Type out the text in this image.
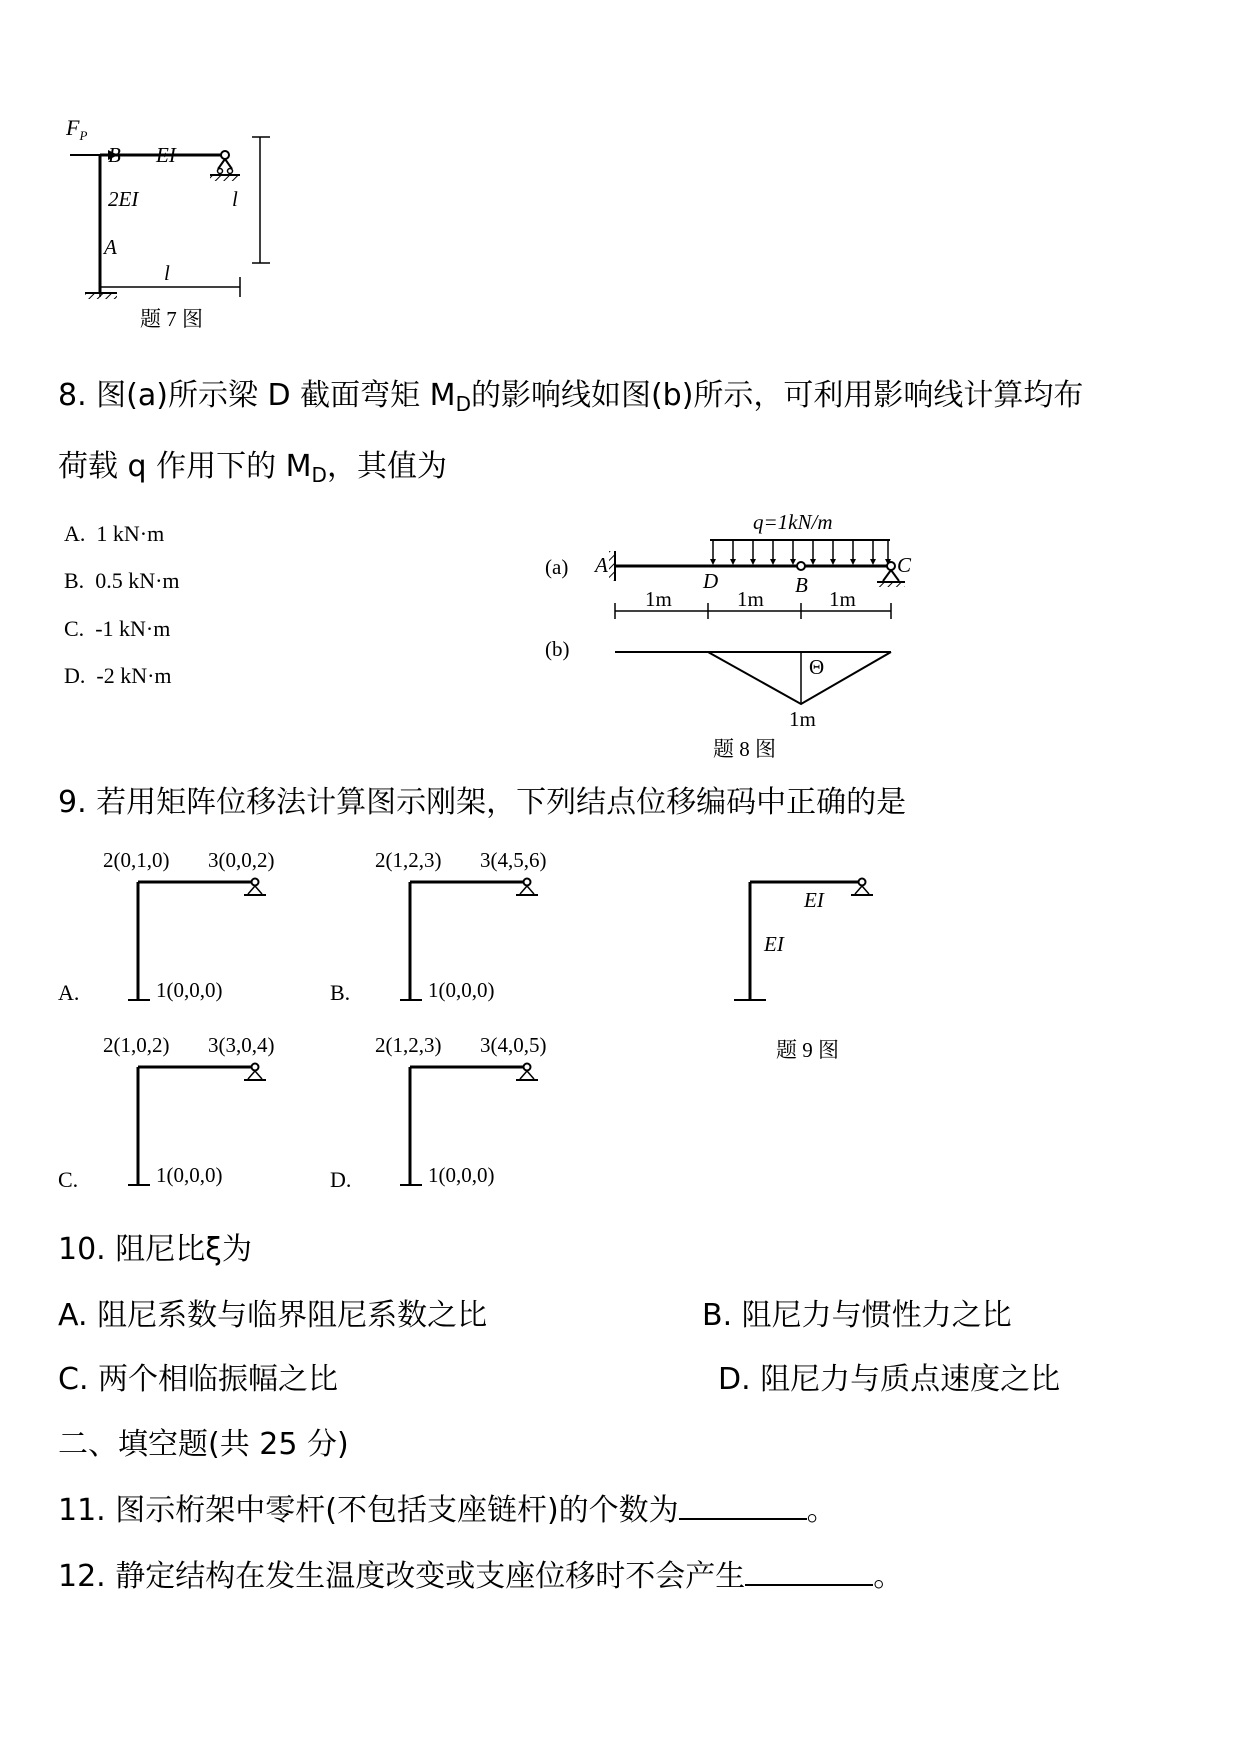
$F_P$
B EI
2EI
A
l
l
题 7 图
8. 图(a)所示梁 D 截面弯矩 $M_D$的影响线如图(b)所示，可利用影响线计算均布
荷载 q 作用下的 $M_D$，其值为
A. 1 kN·m
B. 0.5 kN·m
C. -1 kN·m
D. -2 kN·m
q=1kN/m
(a) A
D	B
C
1m	1m	1m
(b)
Θ
1m
题 8 图
9. 若用矩阵位移法计算图示刚架，下列结点位移编码中正确的是
A.
2(0,1,0) 3(0,0,2)
1(0,0,0)	B.
2(1,2,3) 3(4,5,6)
1(0,0,0)
C.
2(1,0,2) 3(3,0,4)
1(0,0,0)	D.
2(1,2,3) 3(4,0,5)
1(0,0,0)
EI
EI
题 9 图
10. 阻尼比ξ为
A. 阻尼系数与临界阻尼系数之比	B. 阻尼力与惯性力之比
C. 两个相临振幅之比	D. 阻尼力与质点速度之比
二、填空题(共 25 分)
11. 图示桁架中零杆(不包括支座链杆)的个数为	。
12. 静定结构在发生温度改变或支座位移时不会产生	。
